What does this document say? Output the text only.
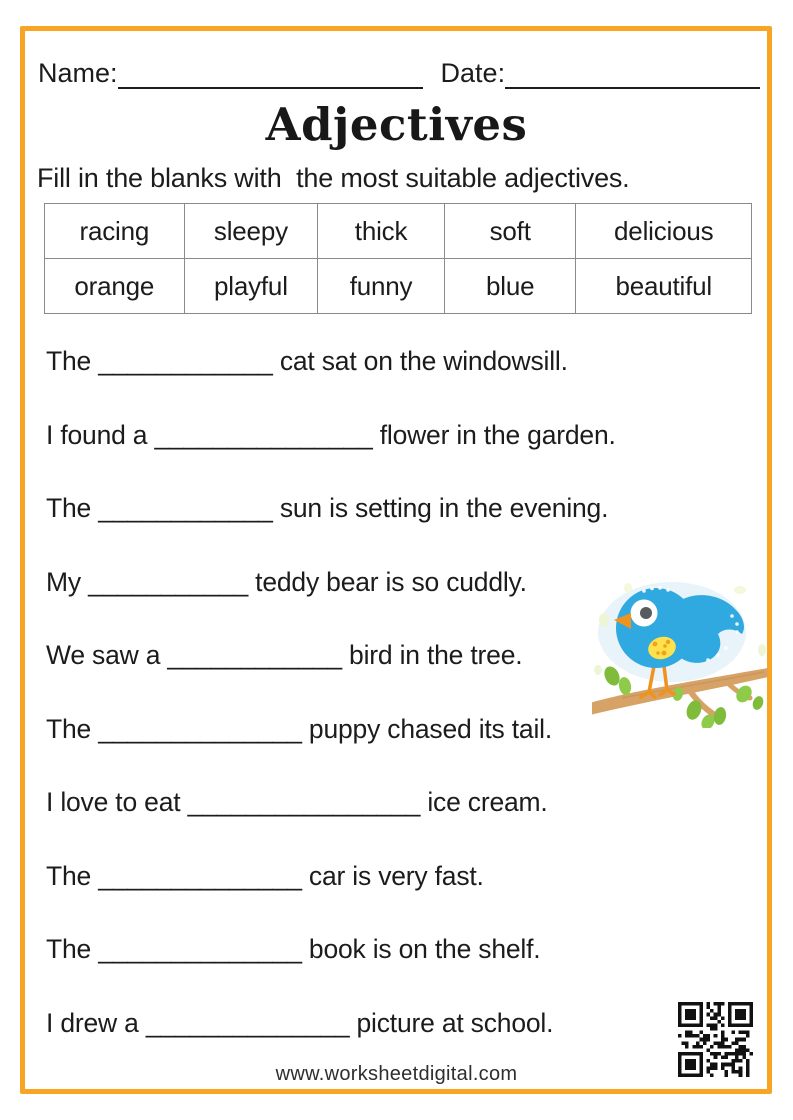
Name:	Date:
Adjectives
Fill in the blanks with  the most suitable adjectives.
racing	sleepy	thick	soft	delicious
orange	playful	funny	blue	beautiful

The ____________ cat sat on the windowsill.

I found a _______________ flower in the garden.

The ____________ sun is setting in the evening.

My ___________ teddy bear is so cuddly.

We saw a ____________ bird in the tree.

The ______________ puppy chased its tail.

I love to eat ________________ ice cream.

The ______________ car is very fast.

The ______________ book is on the shelf.

I drew a ______________ picture at school.

www.worksheetdigital.com
